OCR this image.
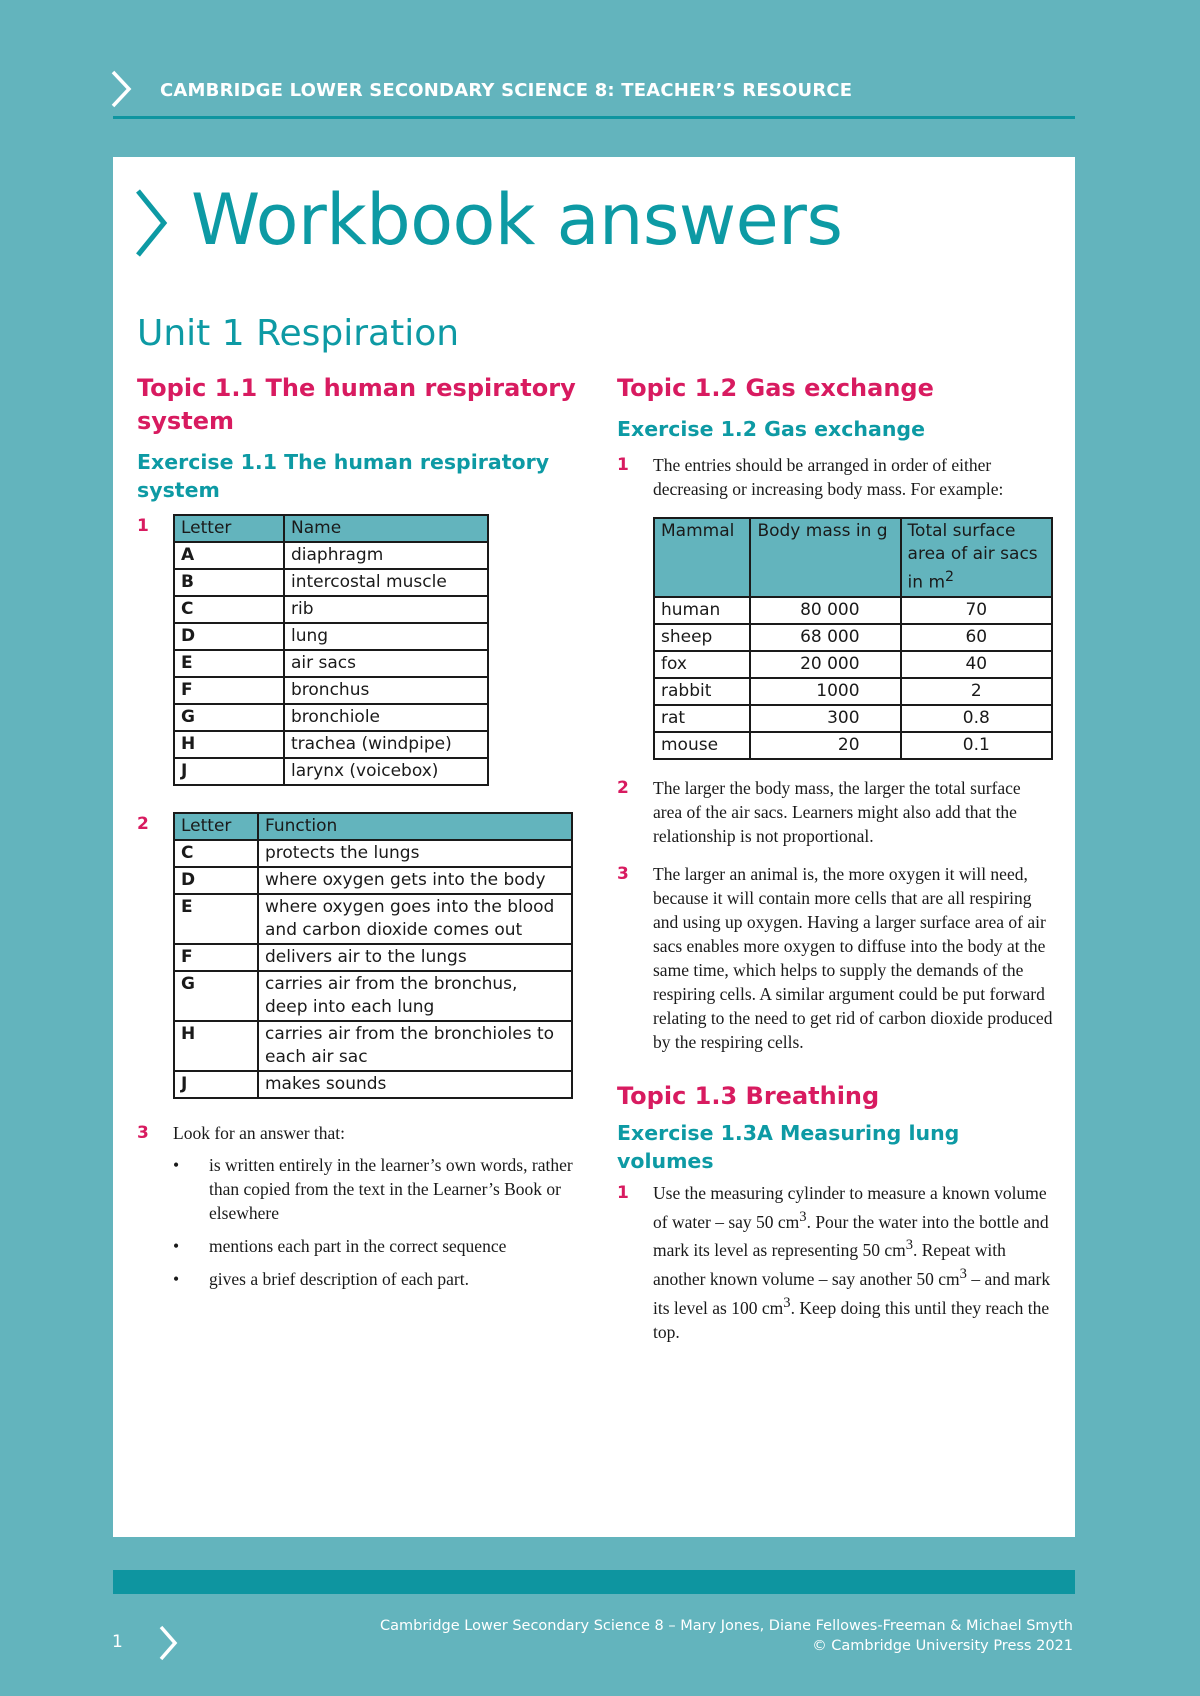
CAMBRIDGE LOWER SECONDARY SCIENCE 8: TEACHER’S RESOURCE
Workbook answers
Unit 1 Respiration
Topic 1.1 The human respiratory system
Exercise 1.1 The human respiratory system
1	Letter	Name
A	diaphragm
B	intercostal muscle
C	rib
D	lung
E	air sacs
F	bronchus
G	bronchiole
H	trachea (windpipe)
J	larynx (voicebox)
2	Letter	Function
C	protects the lungs
D	where oxygen gets into the body
E	where oxygen goes into the blood and carbon dioxide comes out
F	delivers air to the lungs
G	carries air from the bronchus, deep into each lung
H	carries air from the bronchioles to each air sac
J	makes sounds
3	Look for an answer that:
• is written entirely in the learner’s own words, rather than copied from the text in the Learner’s Book or elsewhere
• mentions each part in the correct sequence
• gives a brief description of each part.
Topic 1.2 Gas exchange
Exercise 1.2 Gas exchange
1	The entries should be arranged in order of either decreasing or increasing body mass. For example:
Mammal	Body mass in g	Total surface area of air sacs in $m^2$
human	80 000	70
sheep	68 000	60
fox	20 000	40
rabbit	1000	2
rat	300	0.8
mouse	20	0.1
2	The larger the body mass, the larger the total surface area of the air sacs. Learners might also add that the relationship is not proportional.
3	The larger an animal is, the more oxygen it will need, because it will contain more cells that are all respiring and using up oxygen. Having a larger surface area of air sacs enables more oxygen to diffuse into the body at the same time, which helps to supply the demands of the respiring cells. A similar argument could be put forward relating to the need to get rid of carbon dioxide produced by the respiring cells.
Topic 1.3 Breathing
Exercise 1.3A Measuring lung volumes
1	Use the measuring cylinder to measure a known volume of water – say 50 $cm^3$. Pour the water into the bottle and mark its level as representing 50 $cm^3$. Repeat with another known volume – say another 50 $cm^3$ – and mark its level as 100 $cm^3$. Keep doing this until they reach the top.
1
Cambridge Lower Secondary Science 8 – Mary Jones, Diane Fellowes-Freeman & Michael Smyth
© Cambridge University Press 2021
